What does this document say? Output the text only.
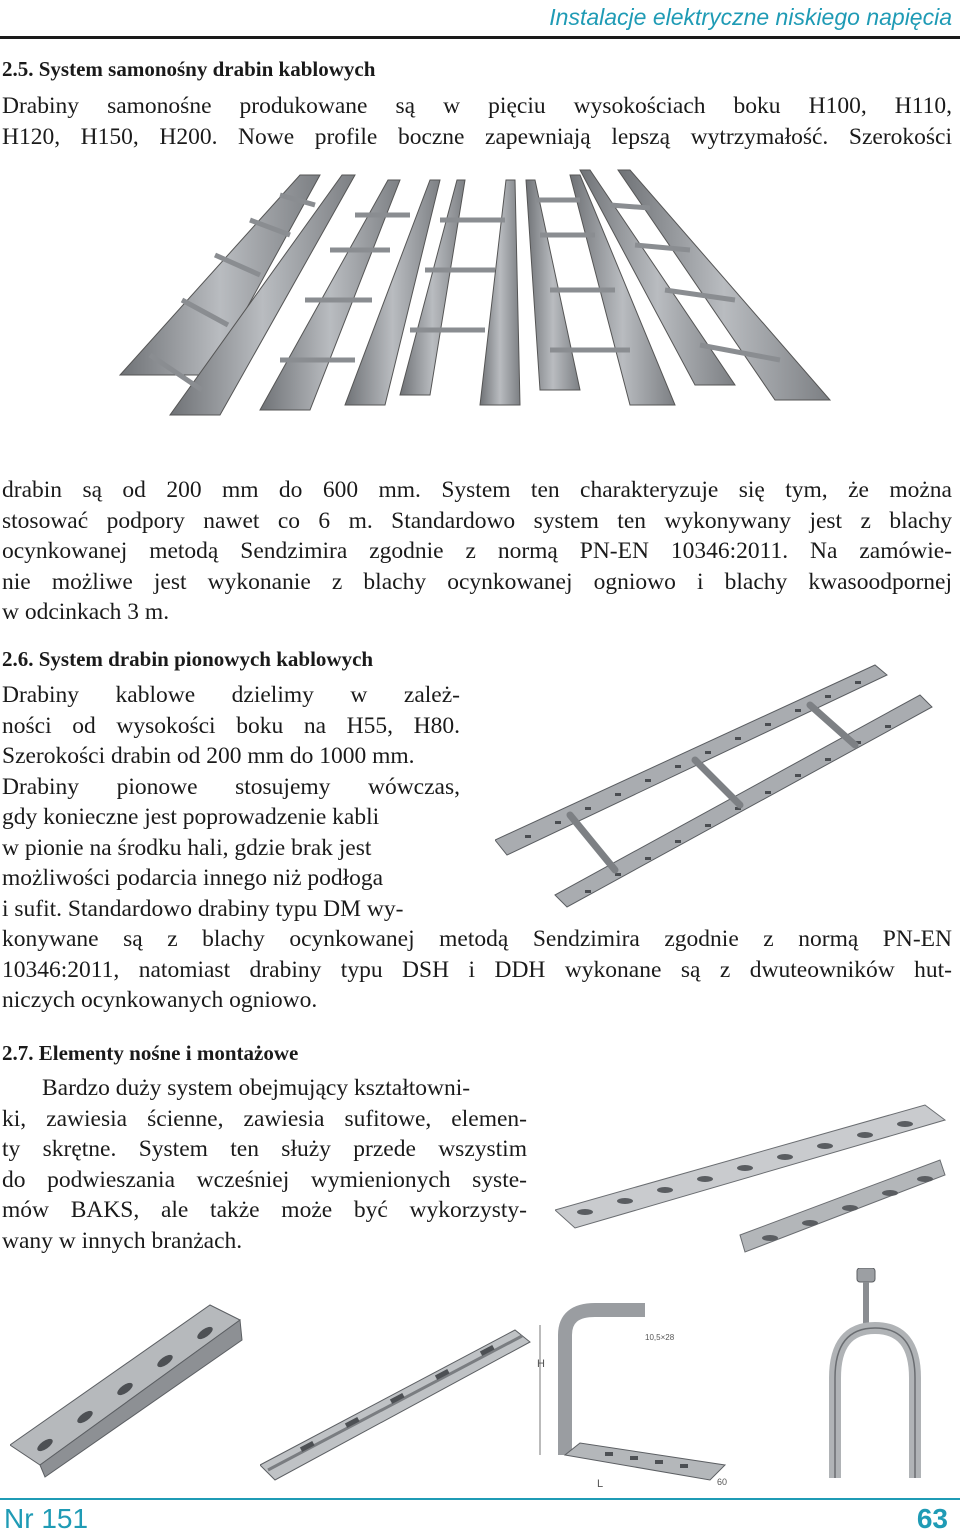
Instalacje elektryczne niskiego napięcia
2.5. System samonośny drabin kablowych
Drabiny samonośne produkowane są w pięciu wysokościach boku H100, H110,
H120, H150, H200. Nowe profile boczne zapewniają lepszą wytrzymałość. Szerokości
drabin są od 200 mm do 600 mm. System ten charakteryzuje się tym, że można
stosować podpory nawet co 6 m. Standardowo system ten wykonywany jest z blachy
ocynkowanej metodą Sendzimira zgodnie z normą PN-EN 10346:2011. Na zamówie-
nie możliwe jest wykonanie z blachy ocynkowanej ogniowo i blachy kwasoodpornej
w odcinkach 3 m.
2.6. System drabin pionowych kablowych
Drabiny kablowe dzielimy w zależ-
ności od wysokości boku na H55, H80.
Szerokości drabin od 200 mm do 1000 mm.
Drabiny pionowe stosujemy wówczas,
gdy konieczne jest poprowadzenie kabli
w pionie na środku hali, gdzie brak jest
możliwości podarcia innego niż podłoga
i sufit. Standardowo drabiny typu DM wy-
konywane są z blachy ocynkowanej metodą Sendzimira zgodnie z normą PN-EN
10346:2011, natomiast drabiny typu DSH i DDH wykonane są z dwuteowników hut-
niczych ocynkowanych ogniowo.
2.7. Elementy nośne i montażowe
Bardzo duży system obejmujący kształtowni-
ki, zawiesia ścienne, zawiesia sufitowe, elemen-
ty skrętne. System ten służy przede wszystim
do podwieszania wcześniej wymienionych syste-
mów BAKS, ale także może być wykorzysty-
wany w innych branżach.
H
L
10,5×28
60
Nr 151	63
